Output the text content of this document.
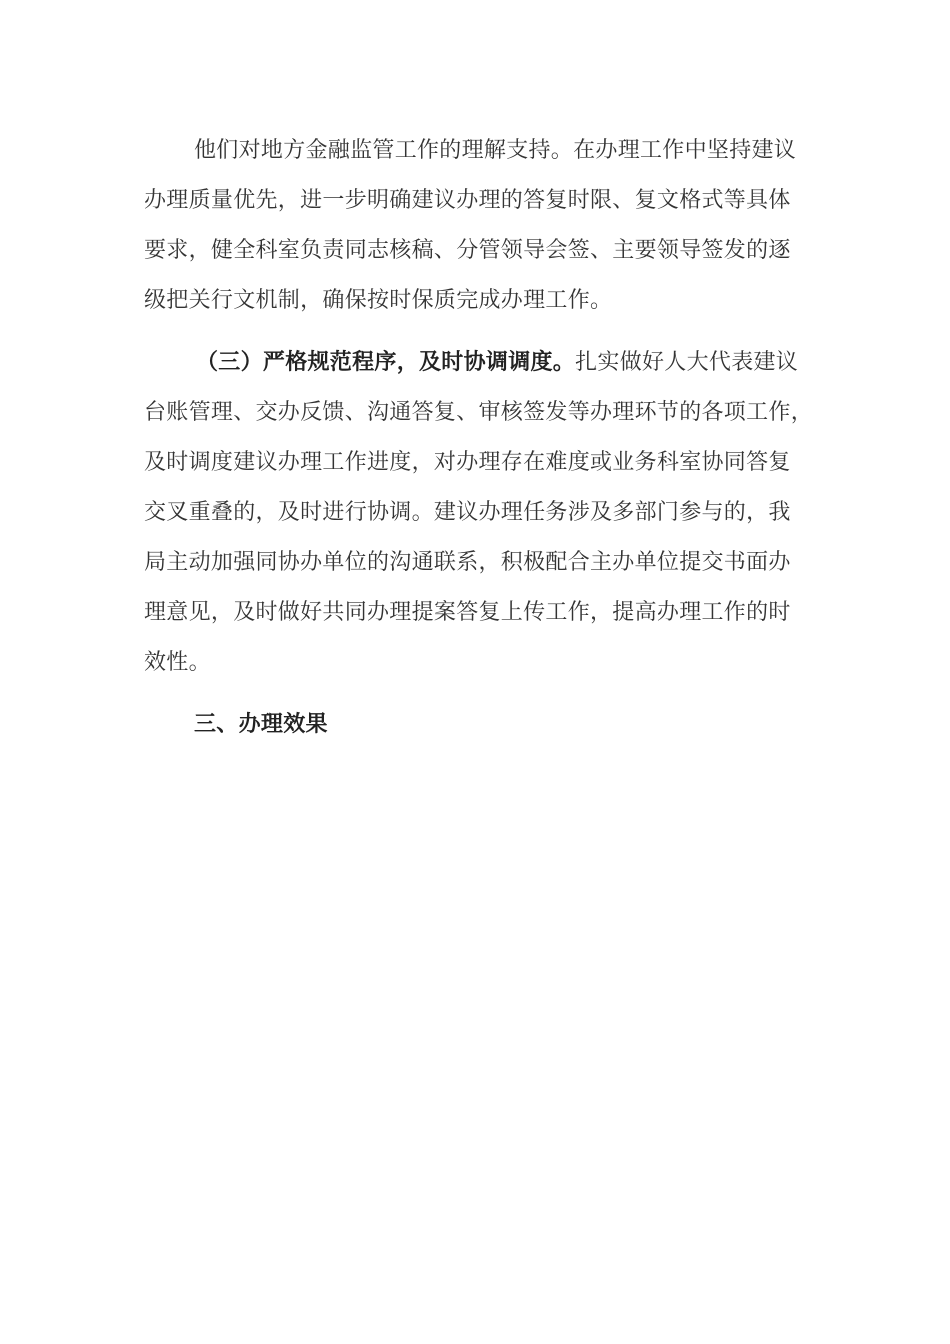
他们对地方金融监管工作的理解支持。在办理工作中坚持建议
办理质量优先，进一步明确建议办理的答复时限、复文格式等具体
要求，健全科室负责同志核稿、分管领导会签、主要领导签发的逐
级把关行文机制，确保按时保质完成办理工作。
（三）严格规范程序，及时协调调度。扎实做好人大代表建议
台账管理、交办反馈、沟通答复、审核签发等办理环节的各项工作，
及时调度建议办理工作进度，对办理存在难度或业务科室协同答复
交叉重叠的，及时进行协调。建议办理任务涉及多部门参与的，我
局主动加强同协办单位的沟通联系，积极配合主办单位提交书面办
理意见，及时做好共同办理提案答复上传工作，提高办理工作的时
效性。
三、办理效果
